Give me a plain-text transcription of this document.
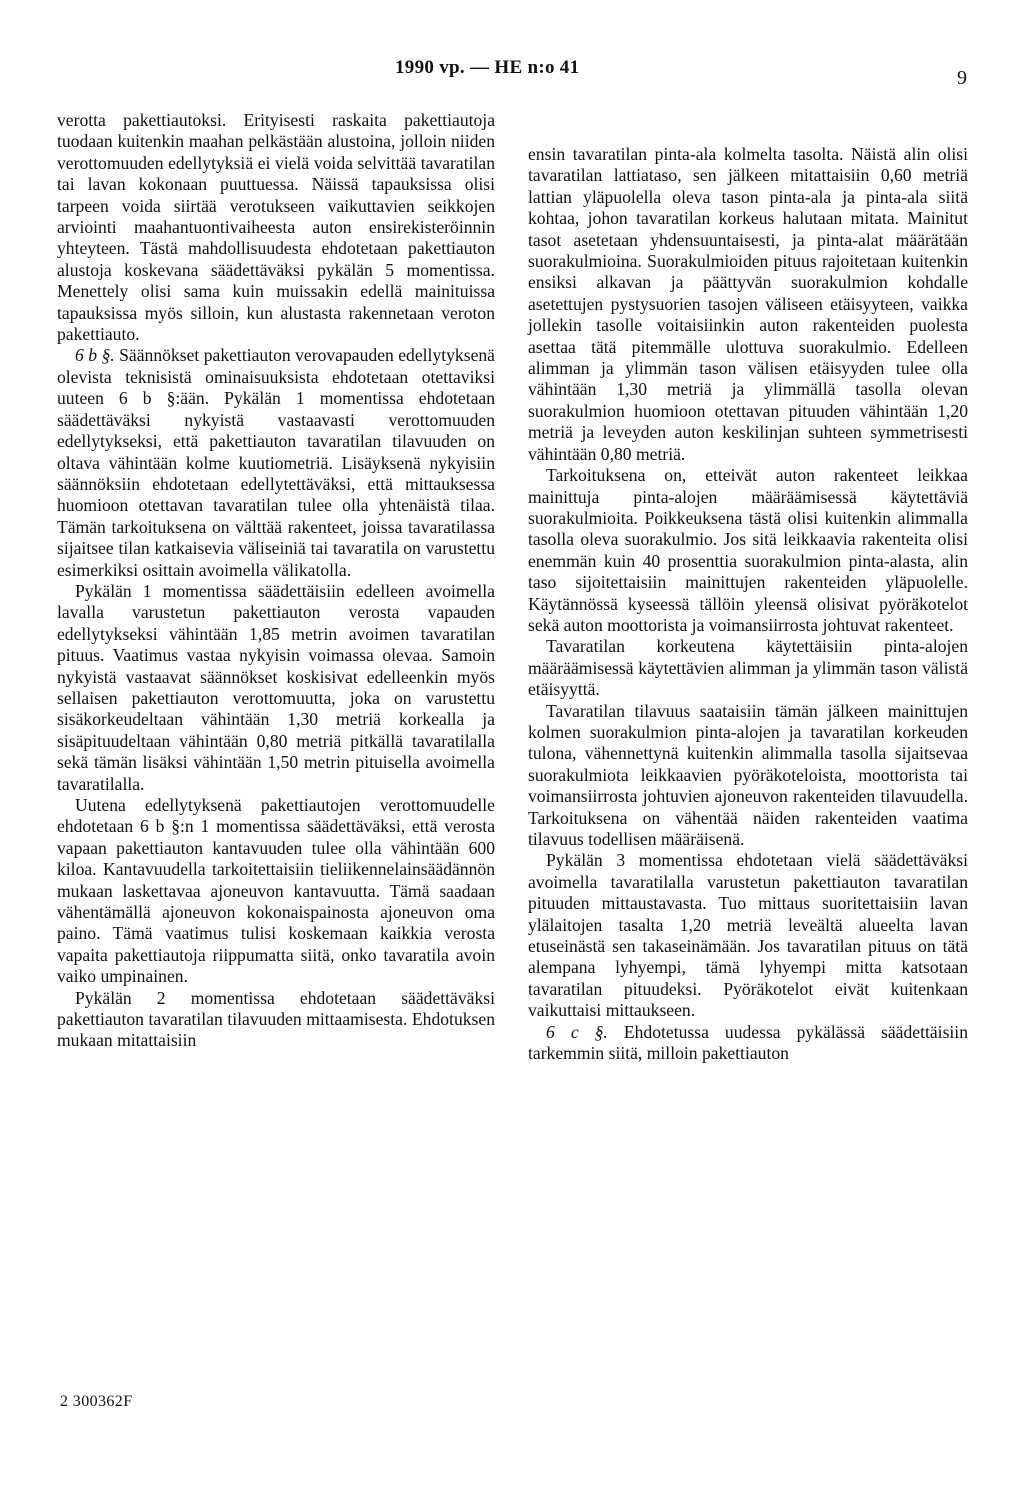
1990 vp. — HE n:o 41	9

verotta pakettiautoksi. Erityisesti raskaita pakettiautoja tuodaan kuitenkin maahan pelkästään alustoina, jolloin niiden verottomuuden edellytyksiä ei vielä voida selvittää tavaratilan tai lavan kokonaan puuttuessa. Näissä tapauksissa olisi tarpeen voida siirtää verotukseen vaikuttavien seikkojen arviointi maahantuontivaiheesta auton ensirekisteröinnin yhteyteen. Tästä mahdollisuudesta ehdotetaan pakettiauton alustoja koskevana säädettäväksi pykälän 5 momentissa. Menettely olisi sama kuin muissakin edellä mainituissa tapauksissa myös silloin, kun alustasta rakennetaan veroton pakettiauto.

6 b §. Säännökset pakettiauton verovapauden edellytyksenä olevista teknisistä ominaisuuksista ehdotetaan otettaviksi uuteen 6 b §:ään. Pykälän 1 momentissa ehdotetaan säädettäväksi nykyistä vastaavasti verottomuuden edellytykseksi, että pakettiauton tavaratilan tilavuuden on oltava vähintään kolme kuutiometriä. Lisäyksenä nykyisiin säännöksiin ehdotetaan edellytettäväksi, että mittauksessa huomioon otettavan tavaratilan tulee olla yhtenäistä tilaa. Tämän tarkoituksena on välttää rakenteet, joissa tavaratilassa sijaitsee tilan katkaisevia väliseiniä tai tavaratila on varustettu esimerkiksi osittain avoimella välikatolla.

Pykälän 1 momentissa säädettäisiin edelleen avoimella lavalla varustetun pakettiauton verosta vapauden edellytykseksi vähintään 1,85 metrin avoimen tavaratilan pituus. Vaatimus vastaa nykyisin voimassa olevaa. Samoin nykyistä vastaavat säännökset koskisivat edelleenkin myös sellaisen pakettiauton verottomuutta, joka on varustettu sisäkorkeudeltaan vähintään 1,30 metriä korkealla ja sisäpituudeltaan vähintään 0,80 metriä pitkällä tavaratilalla sekä tämän lisäksi vähintään 1,50 metrin pituisella avoimella tavaratilalla.

Uutena edellytyksenä pakettiautojen verottomuudelle ehdotetaan 6 b §:n 1 momentissa säädettäväksi, että verosta vapaan pakettiauton kantavuuden tulee olla vähintään 600 kiloa. Kantavuudella tarkoitettaisiin tieliikennelainsäädännön mukaan laskettavaa ajoneuvon kantavuutta. Tämä saadaan vähentämällä ajoneuvon kokonaispainosta ajoneuvon oma paino. Tämä vaatimus tulisi koskemaan kaikkia verosta vapaita pakettiautoja riippumatta siitä, onko tavaratila avoin vaiko umpinainen.

Pykälän 2 momentissa ehdotetaan säädettäväksi pakettiauton tavaratilan tilavuuden mittaamisesta. Ehdotuksen mukaan mitattaisiin

ensin tavaratilan pinta-ala kolmelta tasolta. Näistä alin olisi tavaratilan lattiataso, sen jälkeen mitattaisiin 0,60 metriä lattian yläpuolella oleva tason pinta-ala ja pinta-ala siitä kohtaa, johon tavaratilan korkeus halutaan mitata. Mainitut tasot asetetaan yhdensuuntaisesti, ja pinta-alat määrätään suorakulmioina. Suorakulmioiden pituus rajoitetaan kuitenkin ensiksi alkavan ja päättyvän suorakulmion kohdalle asetettujen pystysuorien tasojen väliseen etäisyyteen, vaikka jollekin tasolle voitaisiinkin auton rakenteiden puolesta asettaa tätä pitemmälle ulottuva suorakulmio. Edelleen alimman ja ylimmän tason välisen etäisyyden tulee olla vähintään 1,30 metriä ja ylimmällä tasolla olevan suorakulmion huomioon otettavan pituuden vähintään 1,20 metriä ja leveyden auton keskilinjan suhteen symmetrisesti vähintään 0,80 metriä.

Tarkoituksena on, etteivät auton rakenteet leikkaa mainittuja pinta-alojen määräämisessä käytettäviä suorakulmioita. Poikkeuksena tästä olisi kuitenkin alimmalla tasolla oleva suorakulmio. Jos sitä leikkaavia rakenteita olisi enemmän kuin 40 prosenttia suorakulmion pinta-alasta, alin taso sijoitettaisiin mainittujen rakenteiden yläpuolelle. Käytännössä kyseessä tällöin yleensä olisivat pyöräkotelot sekä auton moottorista ja voimansiirrosta johtuvat rakenteet.

Tavaratilan korkeutena käytettäisiin pinta-alojen määräämisessä käytettävien alimman ja ylimmän tason välistä etäisyyttä.

Tavaratilan tilavuus saataisiin tämän jälkeen mainittujen kolmen suorakulmion pinta-alojen ja tavaratilan korkeuden tulona, vähennettynä kuitenkin alimmalla tasolla sijaitsevaa suorakulmiota leikkaavien pyöräkoteloista, moottorista tai voimansiirrosta johtuvien ajoneuvon rakenteiden tilavuudella. Tarkoituksena on vähentää näiden rakenteiden vaatima tilavuus todellisen määräisenä.

Pykälän 3 momentissa ehdotetaan vielä säädettäväksi avoimella tavaratilalla varustetun pakettiauton tavaratilan pituuden mittaustavasta. Tuo mittaus suoritettaisiin lavan ylälaitojen tasalta 1,20 metriä leveältä alueelta lavan etuseinästä sen takaseinämään. Jos tavaratilan pituus on tätä alempana lyhyempi, tämä lyhyempi mitta katsotaan tavaratilan pituudeksi. Pyöräkotelot eivät kuitenkaan vaikuttaisi mittaukseen.

6 c §. Ehdotetussa uudessa pykälässä säädettäisiin tarkemmin siitä, milloin pakettiauton

2 300362F
